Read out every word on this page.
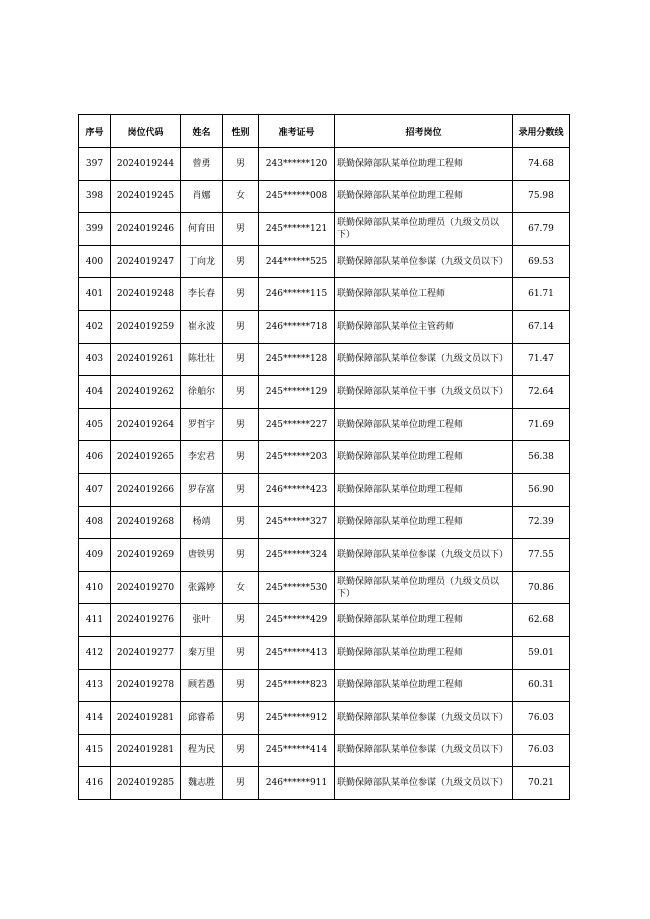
序号	岗位代码	姓名	性别	准考证号	招考岗位	录用分数线
397	2024019244	曾勇	男	243******120	联勤保障部队某单位助理工程师	74.68
398	2024019245	肖娜	女	245******008	联勤保障部队某单位助理工程师	75.98
399	2024019246	何育田	男	245******121	联勤保障部队某单位助理员（九级文员以下）	67.79
400	2024019247	丁向龙	男	244******525	联勤保障部队某单位参谋（九级文员以下）	69.53
401	2024019248	李长春	男	246******115	联勤保障部队某单位工程师	61.71
402	2024019259	崔永波	男	246******718	联勤保障部队某单位主管药师	67.14
403	2024019261	陈壮壮	男	245******128	联勤保障部队某单位参谋（九级文员以下）	71.47
404	2024019262	徐舶尔	男	245******129	联勤保障部队某单位干事（九级文员以下）	72.64
405	2024019264	罗哲宇	男	245******227	联勤保障部队某单位助理工程师	71.69
406	2024019265	李宏君	男	245******203	联勤保障部队某单位助理工程师	56.38
407	2024019266	罗存富	男	246******423	联勤保障部队某单位助理工程师	56.90
408	2024019268	杨靖	男	245******327	联勤保障部队某单位助理工程师	72.39
409	2024019269	唐铁男	男	245******324	联勤保障部队某单位参谋（九级文员以下）	77.55
410	2024019270	张露婷	女	245******530	联勤保障部队某单位助理员（九级文员以下）	70.86
411	2024019276	张叶	男	245******429	联勤保障部队某单位助理工程师	62.68
412	2024019277	秦万里	男	245******413	联勤保障部队某单位助理工程师	59.01
413	2024019278	顾若愚	男	245******823	联勤保障部队某单位助理工程师	60.31
414	2024019281	邱睿希	男	245******912	联勤保障部队某单位参谋（九级文员以下）	76.03
415	2024019281	程为民	男	245******414	联勤保障部队某单位参谋（九级文员以下）	76.03
416	2024019285	魏志胜	男	246******911	联勤保障部队某单位参谋（九级文员以下）	70.21
